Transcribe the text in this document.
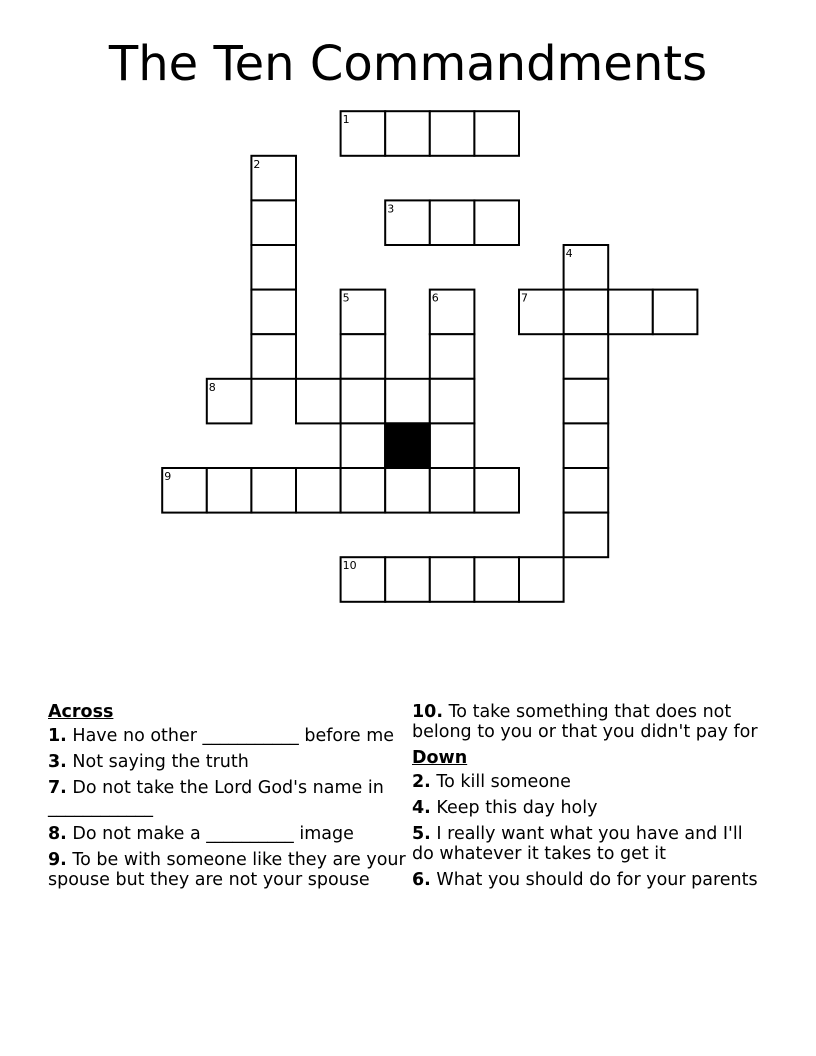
The Ten Commandments
1
2
3
4
5	6	7
8
9
10
Across
1. Have no other ___________ before me
3. Not saying the truth
7. Do not take the Lord God's name in ____________
8. Do not make a __________ image
9. To be with someone like they are your spouse but they are not your spouse
10. To take something that does not belong to you or that you didn't pay for
Down
2. To kill someone
4. Keep this day holy
5. I really want what you have and I'll do whatever it takes to get it
6. What you should do for your parents
